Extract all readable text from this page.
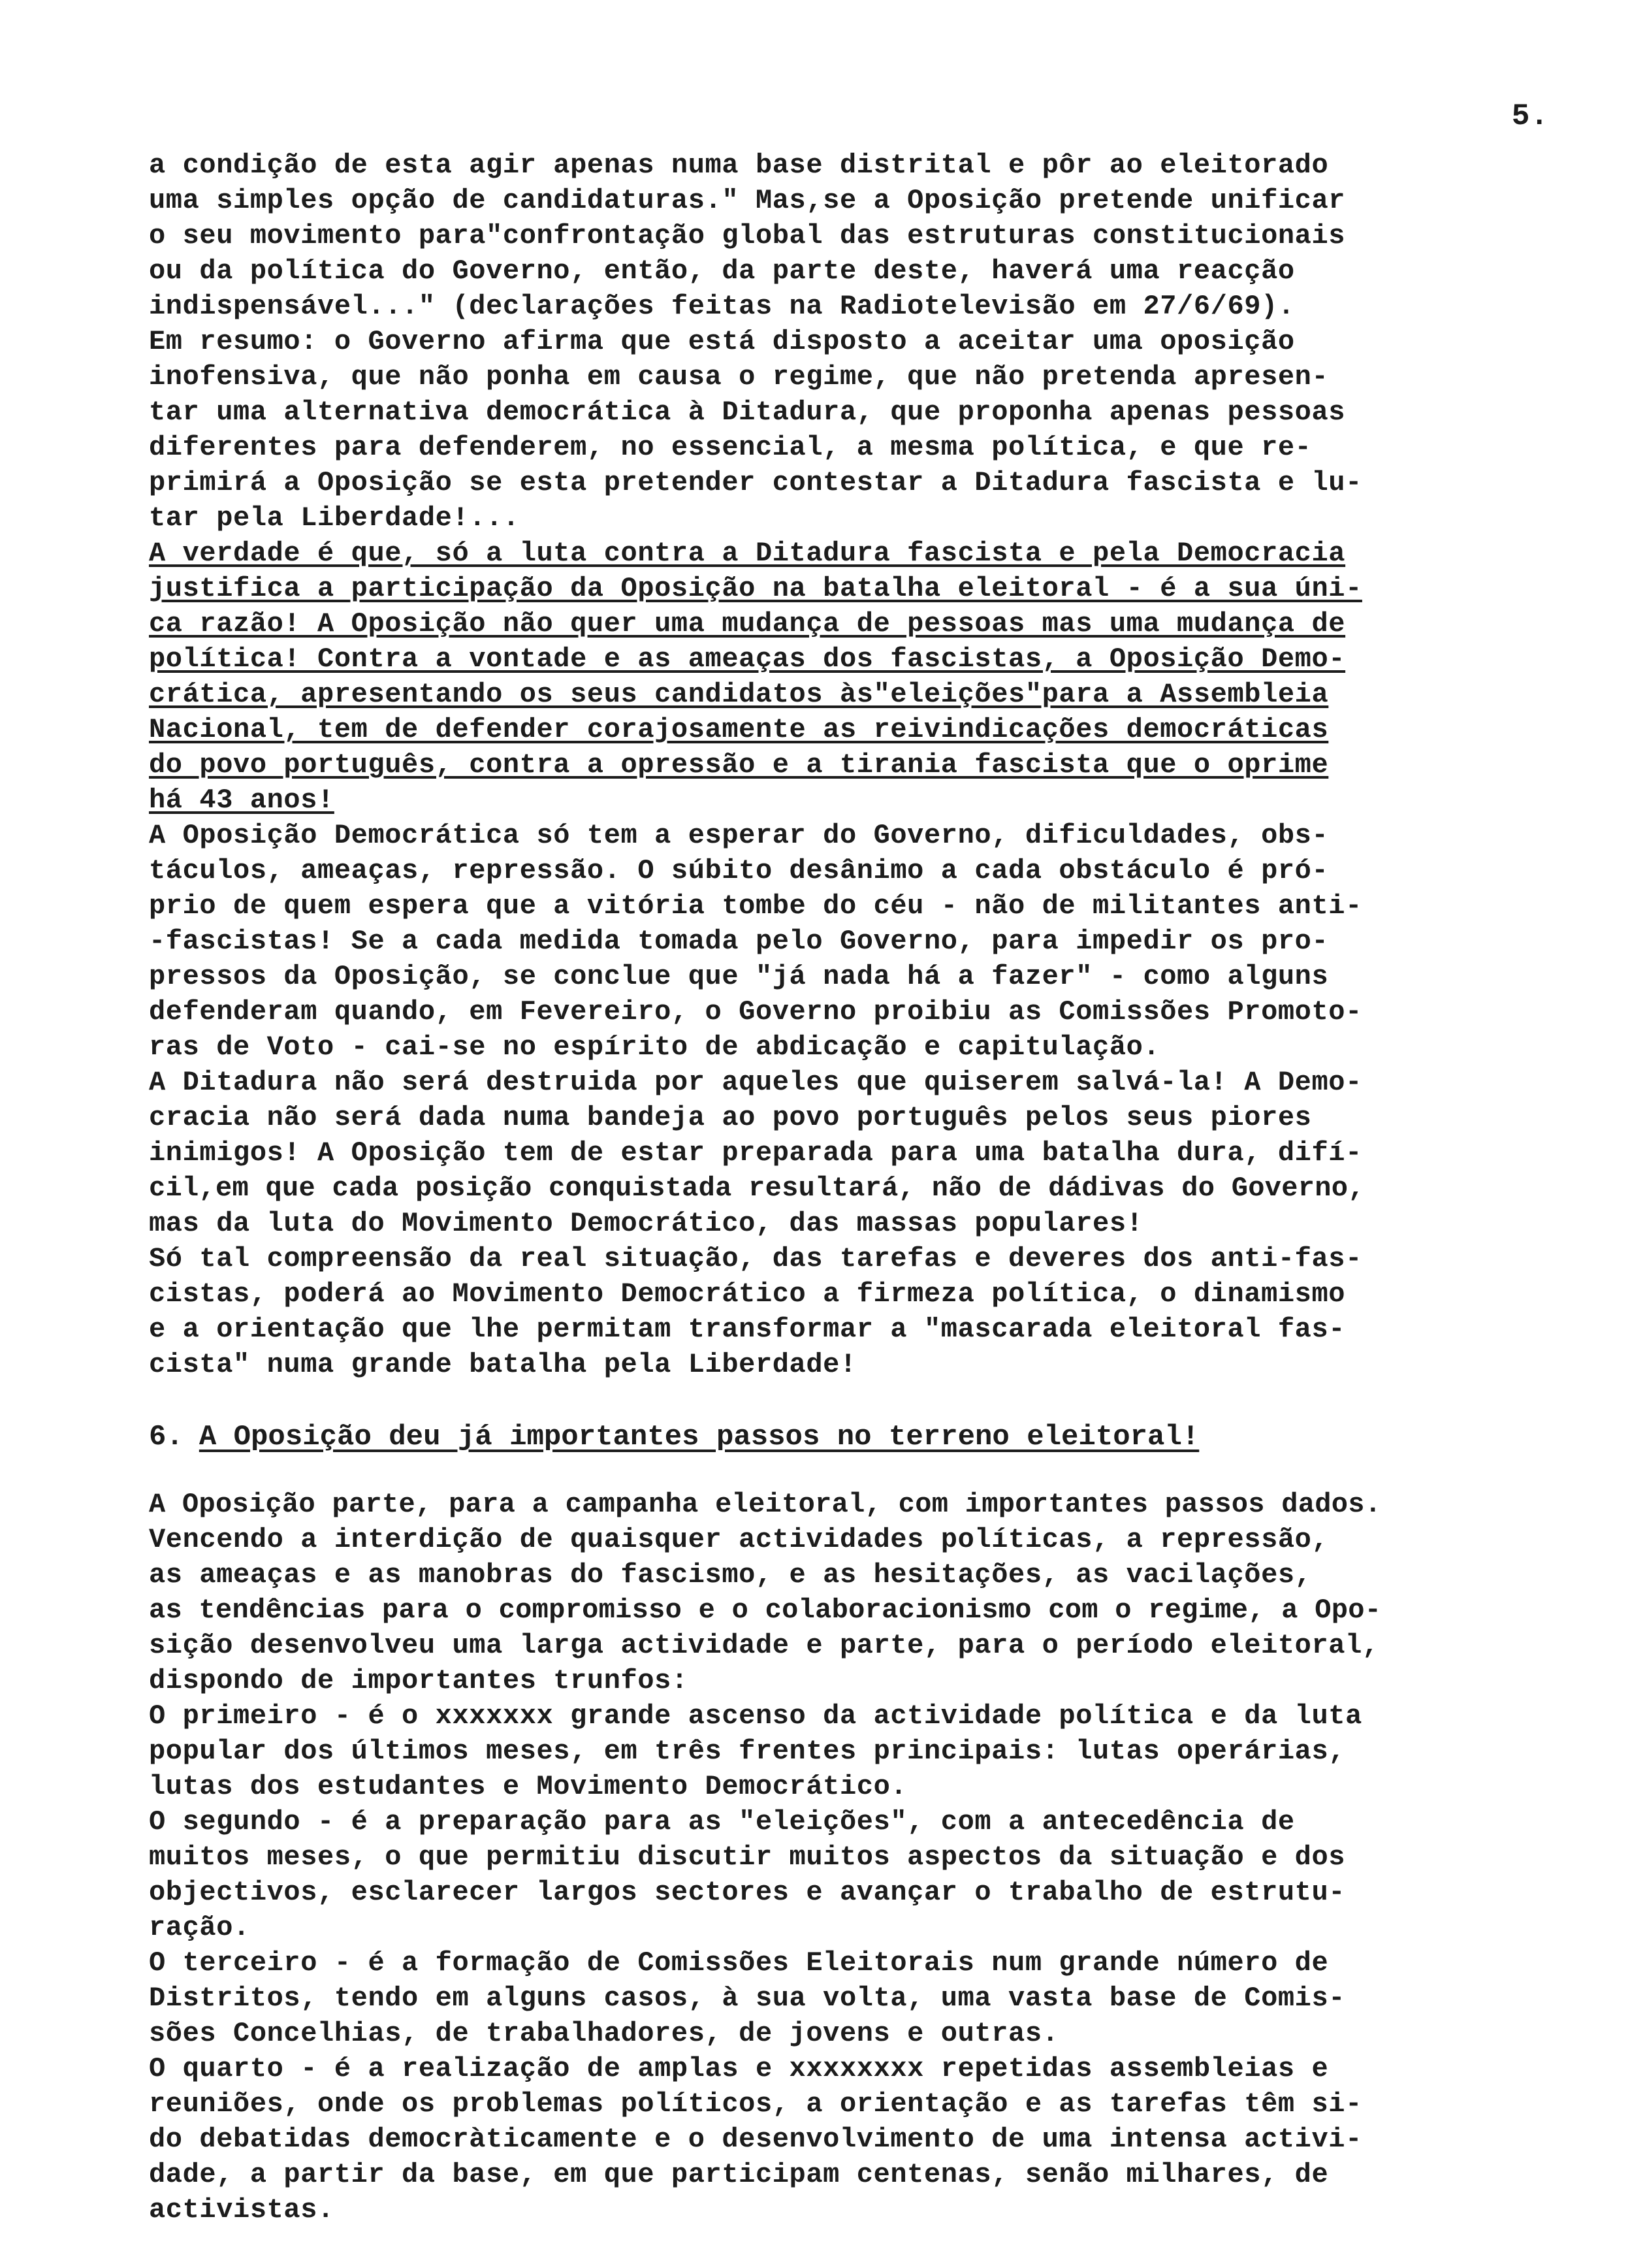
5.
a condição de esta agir apenas numa base distrital e pôr ao eleitorado
uma simples opção de candidaturas." Mas,se a Oposição pretende unificar
o seu movimento para"confrontação global das estruturas constitucionais
ou da política do Governo, então, da parte deste, haverá uma reacção
indispensável..." (declarações feitas na Radiotelevisão em 27/6/69).
Em resumo: o Governo afirma que está disposto a aceitar uma oposição
inofensiva, que não ponha em causa o regime, que não pretenda apresen-
tar uma alternativa democrática à Ditadura, que proponha apenas pessoas
diferentes para defenderem, no essencial, a mesma política, e que re-
primirá a Oposição se esta pretender contestar a Ditadura fascista e lu-
tar pela Liberdade!...
A verdade é que, só a luta contra a Ditadura fascista e pela Democracia
justifica a participação da Oposição na batalha eleitoral - é a sua úni-
ca razão! A Oposição não quer uma mudança de pessoas mas uma mudança de
política! Contra a vontade e as ameaças dos fascistas, a Oposição Demo-
crática, apresentando os seus candidatos às"eleições"para a Assembleia
Nacional, tem de defender corajosamente as reivindicações democráticas
do povo português, contra a opressão e a tirania fascista que o oprime
há 43 anos!
A Oposição Democrática só tem a esperar do Governo, dificuldades, obs-
táculos, ameaças, repressão. O súbito desânimo a cada obstáculo é pró-
prio de quem espera que a vitória tombe do céu - não de militantes anti-
-fascistas! Se a cada medida tomada pelo Governo, para impedir os pro-
pressos da Oposição, se conclue que "já nada há a fazer" - como alguns
defenderam quando, em Fevereiro, o Governo proibiu as Comissões Promoto-
ras de Voto - cai-se no espírito de abdicação e capitulação.
A Ditadura não será destruida por aqueles que quiserem salvá-la! A Demo-
cracia não será dada numa bandeja ao povo português pelos seus piores
inimigos! A Oposição tem de estar preparada para uma batalha dura, difí-
cil,em que cada posição conquistada resultará, não de dádivas do Governo,
mas da luta do Movimento Democrático, das massas populares!
Só tal compreensão da real situação, das tarefas e deveres dos anti-fas-
cistas, poderá ao Movimento Democrático a firmeza política, o dinamismo
e a orientação que lhe permitam transformar a "mascarada eleitoral fas-
cista" numa grande batalha pela Liberdade!
6. A Oposição deu já importantes passos no terreno eleitoral!
A Oposição parte, para a campanha eleitoral, com importantes passos dados.
Vencendo a interdição de quaisquer actividades políticas, a repressão,
as ameaças e as manobras do fascismo, e as hesitações, as vacilações,
as tendências para o compromisso e o colaboracionismo com o regime, a Opo-
sição desenvolveu uma larga actividade e parte, para o período eleitoral,
dispondo de importantes trunfos:
O primeiro - é o xxxxxxx grande ascenso da actividade política e da luta
popular dos últimos meses, em três frentes principais: lutas operárias,
lutas dos estudantes e Movimento Democrático.
O segundo - é a preparação para as "eleições", com a antecedência de
muitos meses, o que permitiu discutir muitos aspectos da situação e dos
objectivos, esclarecer largos sectores e avançar o trabalho de estrutu-
ração.
O terceiro - é a formação de Comissões Eleitorais num grande número de
Distritos, tendo em alguns casos, à sua volta, uma vasta base de Comis-
sões Concelhias, de trabalhadores, de jovens e outras.
O quarto - é a realização de amplas e xxxxxxxx repetidas assembleias e
reuniões, onde os problemas políticos, a orientação e as tarefas têm si-
do debatidas democràticamente e o desenvolvimento de uma intensa activi-
dade, a partir da base, em que participam centenas, senão milhares, de
activistas.
